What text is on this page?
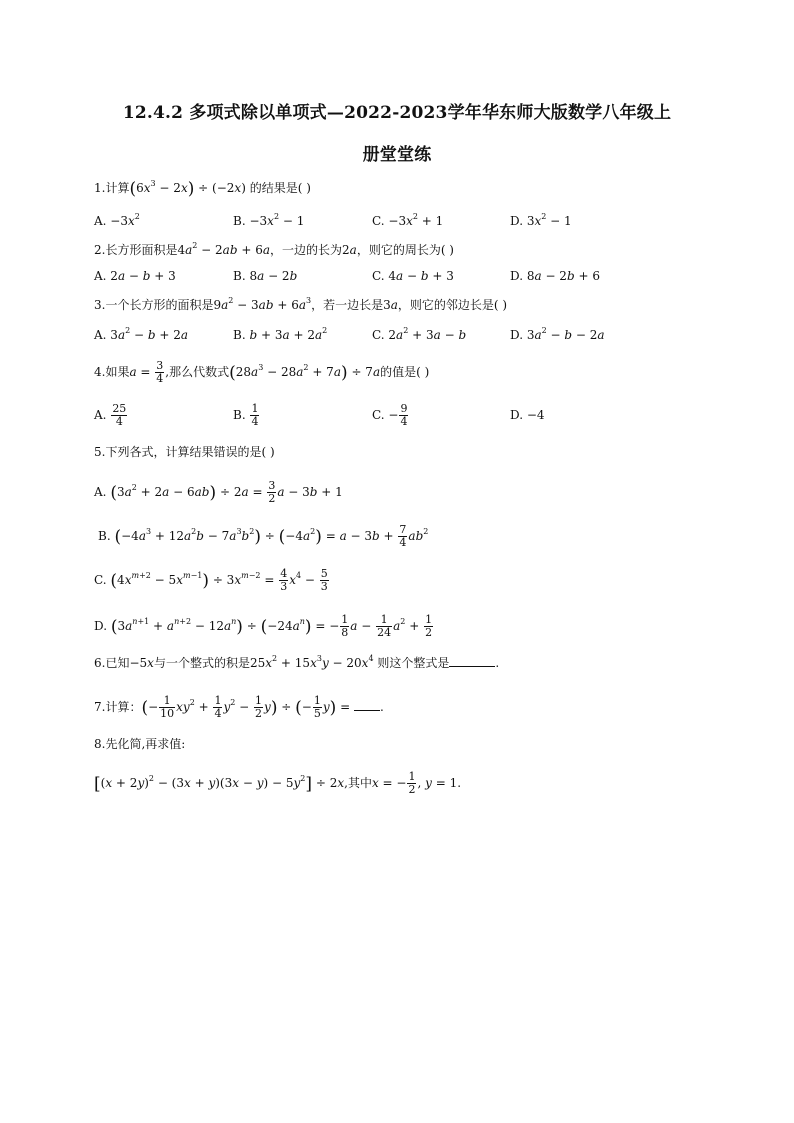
12.4.2 多项式除以单项式—2022-2023学年华东师大版数学八年级上
册堂堂练
1.计算$(6x^3 - 2x) \div (-2x)$ 的结果是( )
A. $-3x^2$	B. $-3x^2 - 1$	C. $-3x^2 + 1$	D. $3x^2 - 1$
2.长方形面积是$4a^2 - 2ab + 6a$，一边的长为2a，则它的周长为( )
A. 2a − b + 3	B. 8a − 2b	C. 4a − b + 3	D. 8a − 2b + 6
3.一个长方形的面积是$9a^2 - 3ab + 6a^3$，若一边长是3a，则它的邻边长是( )
A. $3a^2 - b + 2a$	B. $b + 3a + 2a^2$	C. $2a^2 + 3a - b$	D. $3a^2 - b - 2a$
4.如果$a = \frac{3}{4}$ ,那么代数式$(28a^3 - 28a^2 + 7a) \div 7a$的值是( )
A. $\frac{25}{4}$	B. $\frac{1}{4}$	C. − $\frac{9}{4}$	D. −4
5.下列各式，计算结果错误的是( )
A. $(3a^2 + 2a - 6ab) \div 2a = \frac{3}{2}$ a − 3b + 1
B. $(-4a^3 + 12a^2b - 7a^3b^2) \div (-4a^2) = a - 3b + \frac{7}{4} ab^2$
C. $(4x^{m+2} - 5x^{m-1}) \div 3x^{m-2} = \frac{4}{3} x^4 - \frac{5}{3}$
D. $(3a^{n+1} + a^{n+2} - 12a^n) \div (-24a^n)$ = − $\frac{1}{8}$ $a - \frac{1}{24} a^2 + \frac{1}{2}$
6.已知−5x与一个整式的积是$25x^2 + 15x^3y - 20x^4$ 则这个整式是	.
7.计算：(− $\frac{1}{10} xy^2 + \frac{1}{4} y^2 - \frac{1}{2} y$) ÷ (− $\frac{1}{5} y$) = .
8.先化简,再求值:
$[(x + 2y)^2 - (3x + y)(3x - y) - 5y^2] \div 2x$,其中x = − $\frac{1}{2}$ , y = 1.
